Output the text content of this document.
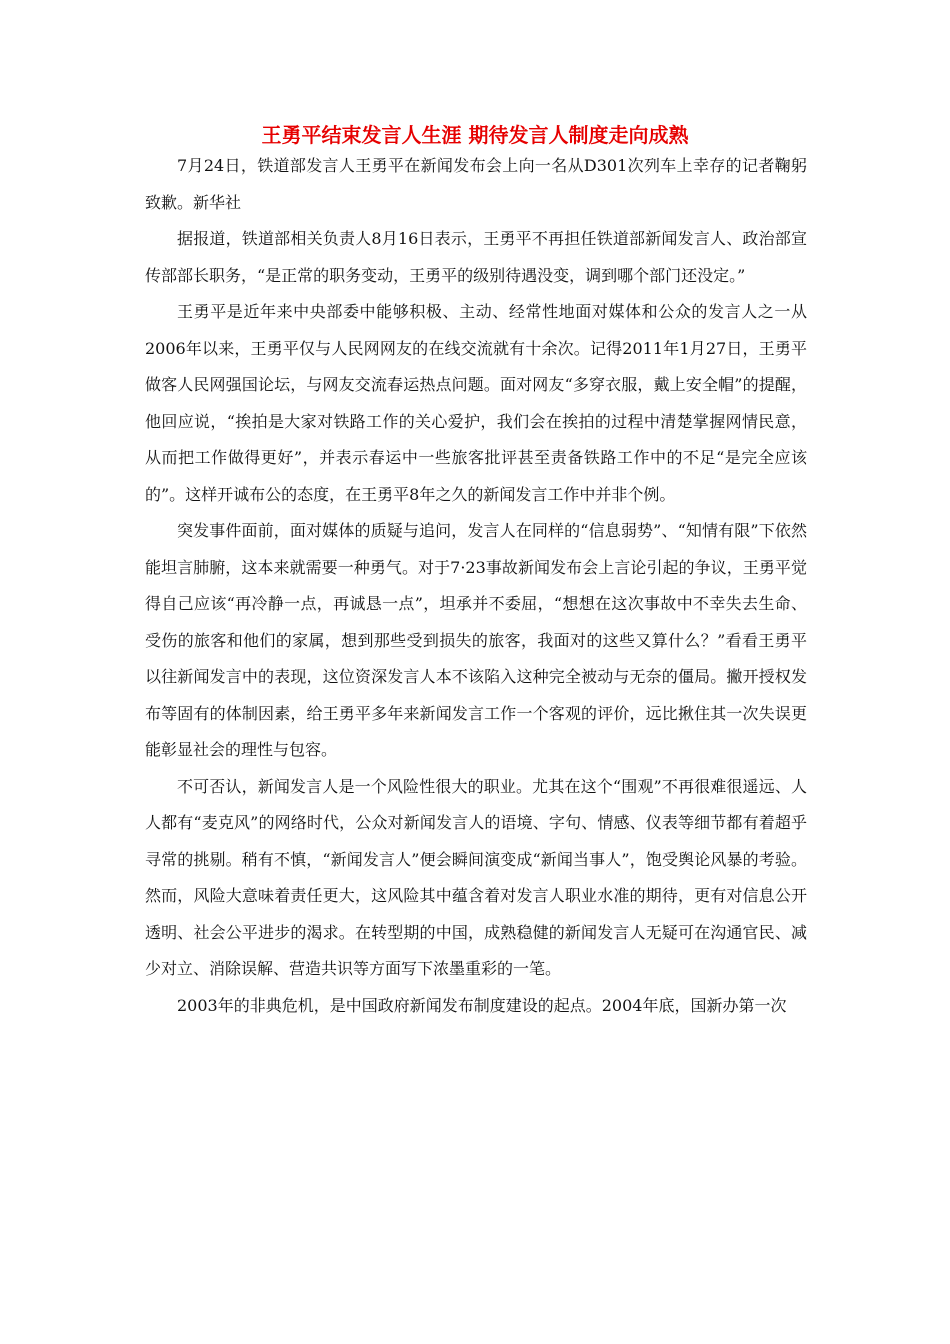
王勇平结束发言人生涯 期待发言人制度走向成熟

7月24日，铁道部发言人王勇平在新闻发布会上向一名从D301次列车上幸存的记者鞠躬致歉。新华社

据报道，铁道部相关负责人8月16日表示，王勇平不再担任铁道部新闻发言人、政治部宣传部部长职务，“是正常的职务变动，王勇平的级别待遇没变，调到哪个部门还没定。”

王勇平是近年来中央部委中能够积极、主动、经常性地面对媒体和公众的发言人之一从2006年以来，王勇平仅与人民网网友的在线交流就有十余次。记得2011年1月27日，王勇平做客人民网强国论坛，与网友交流春运热点问题。面对网友“多穿衣服，戴上安全帽”的提醒，他回应说，“挨拍是大家对铁路工作的关心爱护，我们会在挨拍的过程中清楚掌握网情民意，从而把工作做得更好”，并表示春运中一些旅客批评甚至责备铁路工作中的不足“是完全应该的”。这样开诚布公的态度，在王勇平8年之久的新闻发言工作中并非个例。

突发事件面前，面对媒体的质疑与追问，发言人在同样的“信息弱势”、“知情有限”下依然能坦言肺腑，这本来就需要一种勇气。对于7·23事故新闻发布会上言论引起的争议，王勇平觉得自己应该“再冷静一点，再诚恳一点”，坦承并不委屈，“想想在这次事故中不幸失去生命、受伤的旅客和他们的家属，想到那些受到损失的旅客，我面对的这些又算什么？”看看王勇平以往新闻发言中的表现，这位资深发言人本不该陷入这种完全被动与无奈的僵局。撇开授权发布等固有的体制因素，给王勇平多年来新闻发言工作一个客观的评价，远比揪住其一次失误更能彰显社会的理性与包容。

不可否认，新闻发言人是一个风险性很大的职业。尤其在这个“围观”不再很难很遥远、人人都有“麦克风”的网络时代，公众对新闻发言人的语境、字句、情感、仪表等细节都有着超乎寻常的挑剔。稍有不慎，“新闻发言人”便会瞬间演变成“新闻当事人”，饱受舆论风暴的考验。然而，风险大意味着责任更大，这风险其中蕴含着对发言人职业水准的期待，更有对信息公开透明、社会公平进步的渴求。在转型期的中国，成熟稳健的新闻发言人无疑可在沟通官民、减少对立、消除误解、营造共识等方面写下浓墨重彩的一笔。

2003年的非典危机，是中国政府新闻发布制度建设的起点。2004年底，国新办第一次
